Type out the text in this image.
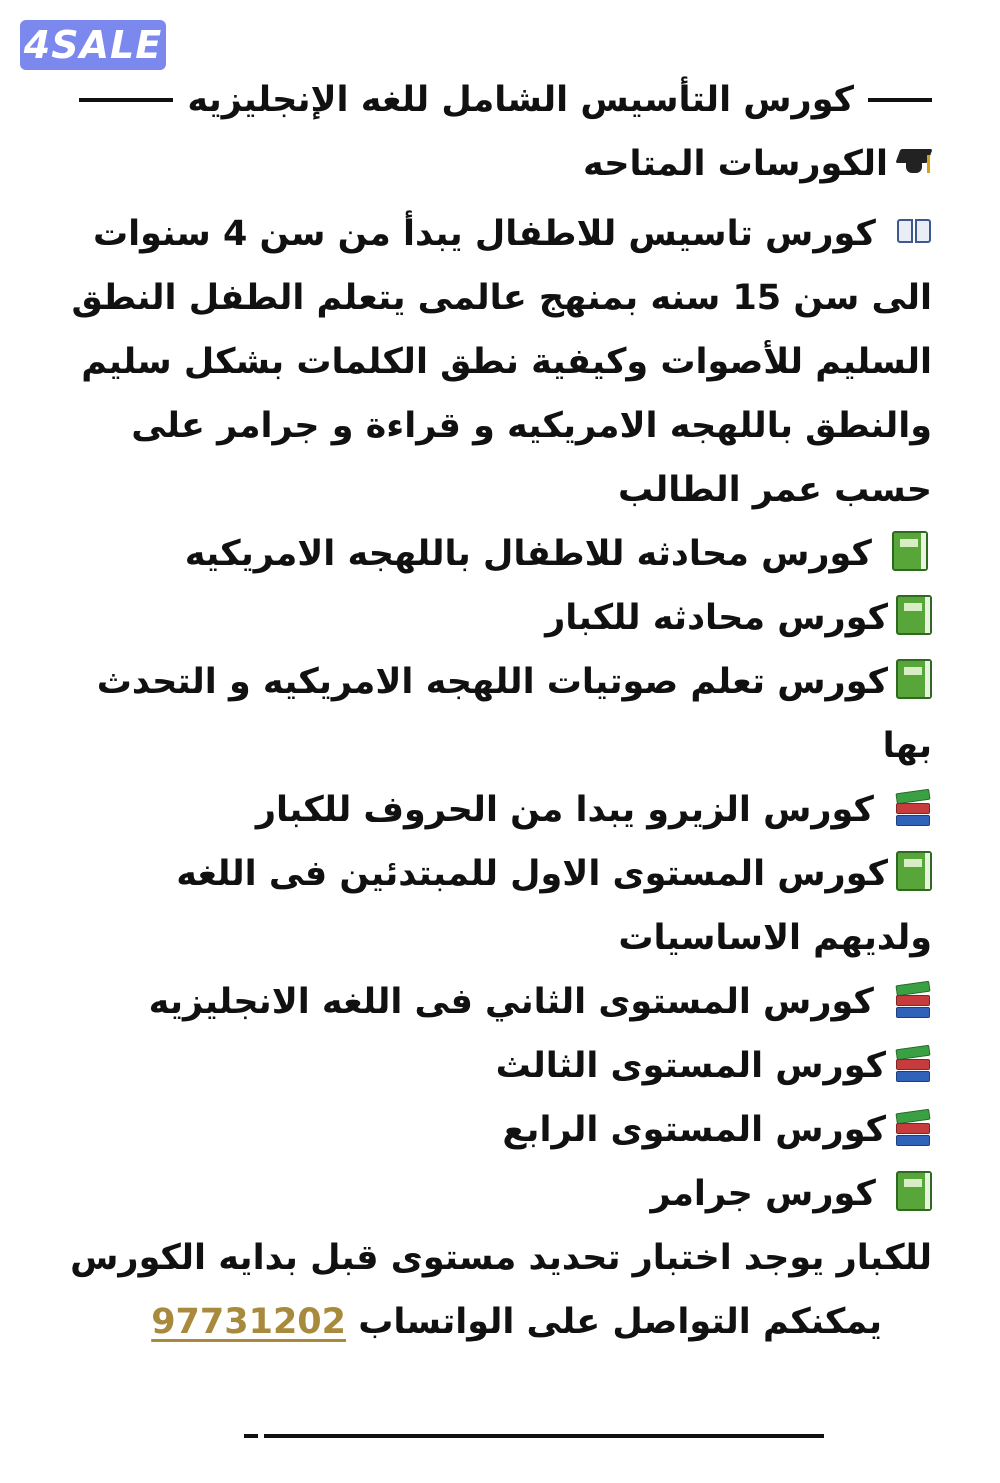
4SALE
كورس التأسيس الشامل للغه الإنجليزيه
الكورسات المتاحه
كورس تاسيس للاطفال يبدأ من سن 4 سنوات الى سن 15 سنه بمنهج عالمى يتعلم الطفل النطق السليم للأصوات وكيفية نطق الكلمات بشكل سليم والنطق باللهجه الامريكيه و قراءة و جرامر على حسب عمر الطالب
كورس محادثه للاطفال باللهجه الامريكيه
كورس محادثه للكبار
كورس تعلم صوتيات اللهجه الامريكيه و التحدث بها
كورس الزيرو يبدا من الحروف للكبار
كورس المستوى الاول للمبتدئين فى اللغه ولديهم الاساسيات
كورس المستوى الثاني فى اللغه الانجليزيه
كورس المستوى الثالث
كورس المستوى الرابع
كورس جرامر
للكبار يوجد اختبار تحديد مستوى قبل بدايه الكورس
يمكنكم التواصل على الواتساب 97731202
